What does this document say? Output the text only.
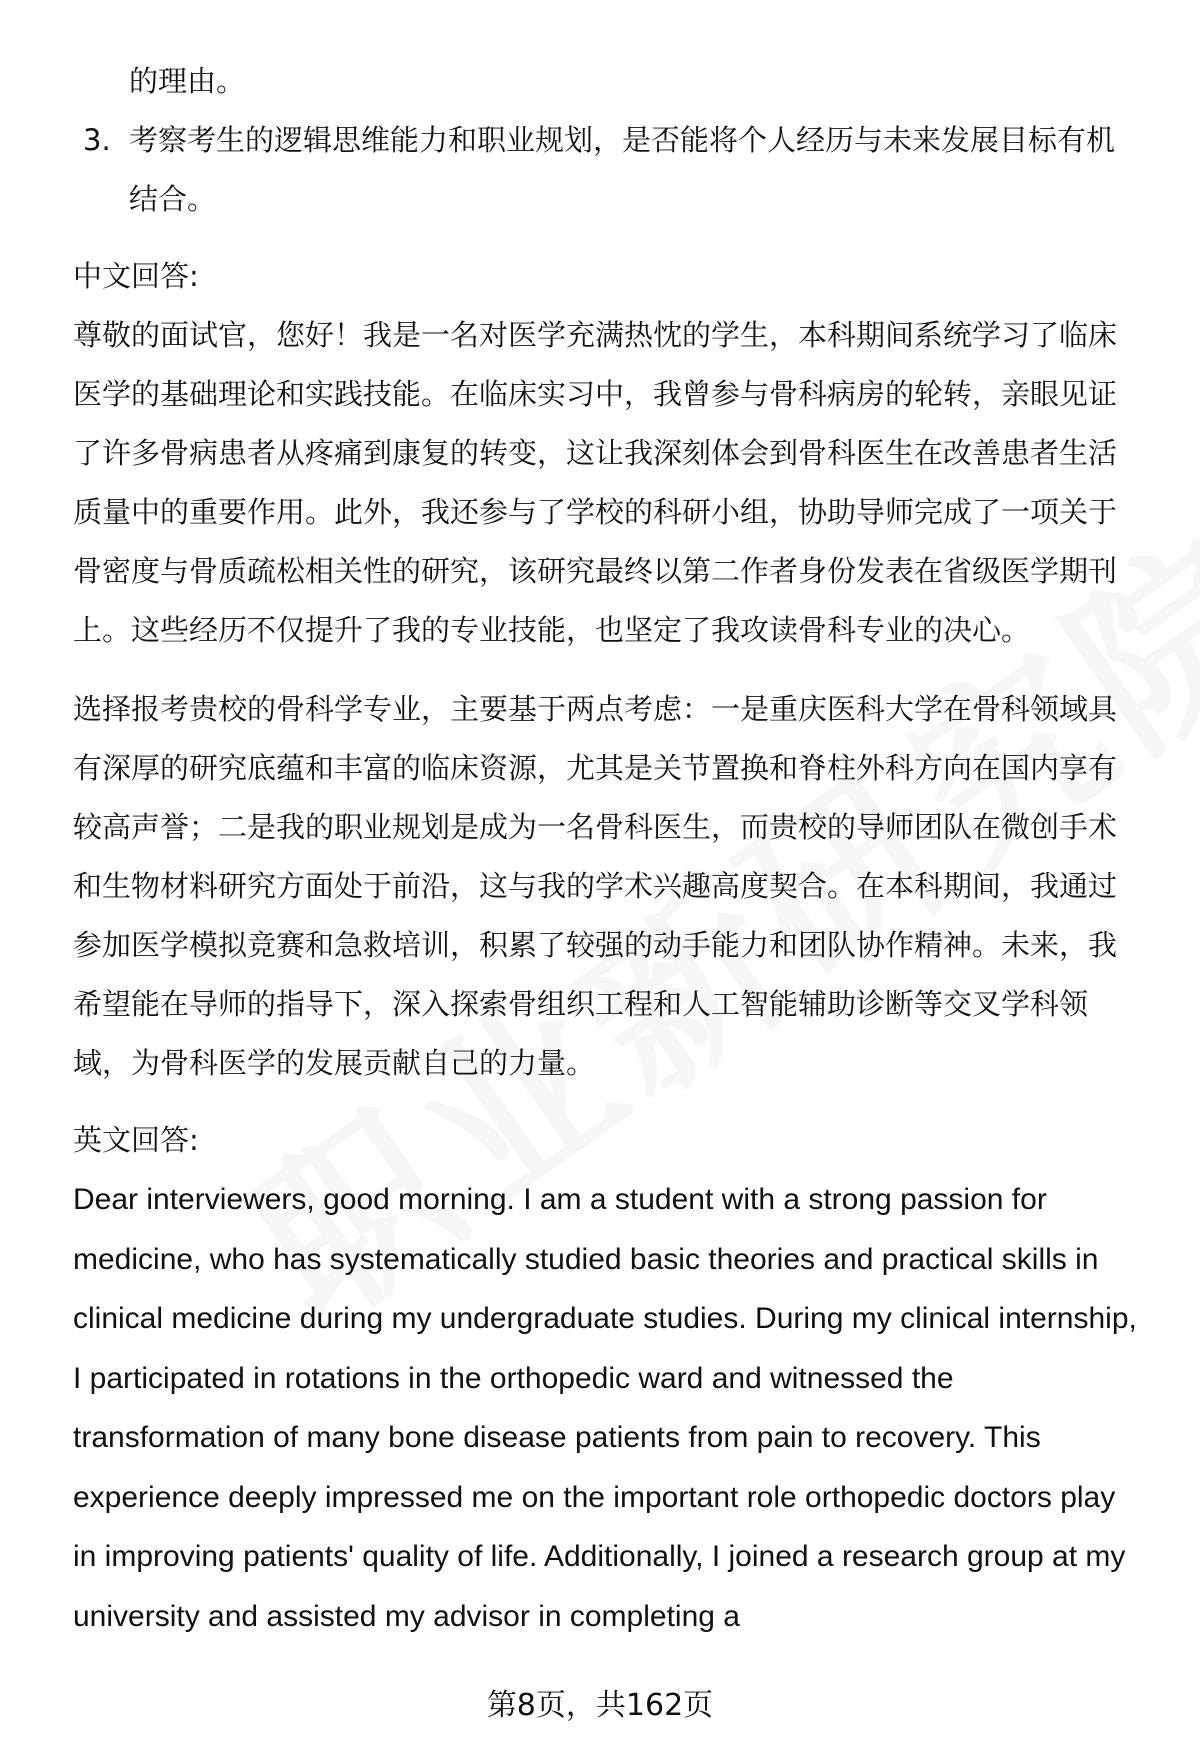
的理由。
3. 考察考生的逻辑思维能力和职业规划，是否能将个人经历与未来发展目标有机结合。
中文回答:
尊敬的面试官，您好！我是一名对医学充满热忱的学生，本科期间系统学习了临床医学的基础理论和实践技能。在临床实习中，我曾参与骨科病房的轮转，亲眼见证了许多骨病患者从疼痛到康复的转变，这让我深刻体会到骨科医生在改善患者生活质量中的重要作用。此外，我还参与了学校的科研小组，协助导师完成了一项关于骨密度与骨质疏松相关性的研究，该研究最终以第二作者身份发表在省级医学期刊上。这些经历不仅提升了我的专业技能，也坚定了我攻读骨科专业的决心。
选择报考贵校的骨科学专业，主要基于两点考虑：一是重庆医科大学在骨科领域具有深厚的研究底蕴和丰富的临床资源，尤其是关节置换和脊柱外科方向在国内享有较高声誉；二是我的职业规划是成为一名骨科医生，而贵校的导师团队在微创手术和生物材料研究方面处于前沿，这与我的学术兴趣高度契合。在本科期间，我通过参加医学模拟竞赛和急救培训，积累了较强的动手能力和团队协作精神。未来，我希望能在导师的指导下，深入探索骨组织工程和人工智能辅助诊断等交叉学科领域，为骨科医学的发展贡献自己的力量。
英文回答:
Dear interviewers, good morning. I am a student with a strong passion for medicine, who has systematically studied basic theories and practical skills in clinical medicine during my undergraduate studies. During my clinical internship, I participated in rotations in the orthopedic ward and witnessed the transformation of many bone disease patients from pain to recovery. This experience deeply impressed me on the important role orthopedic doctors play in improving patients' quality of life. Additionally, I joined a research group at my university and assisted my advisor in completing a
第8页，共162页
